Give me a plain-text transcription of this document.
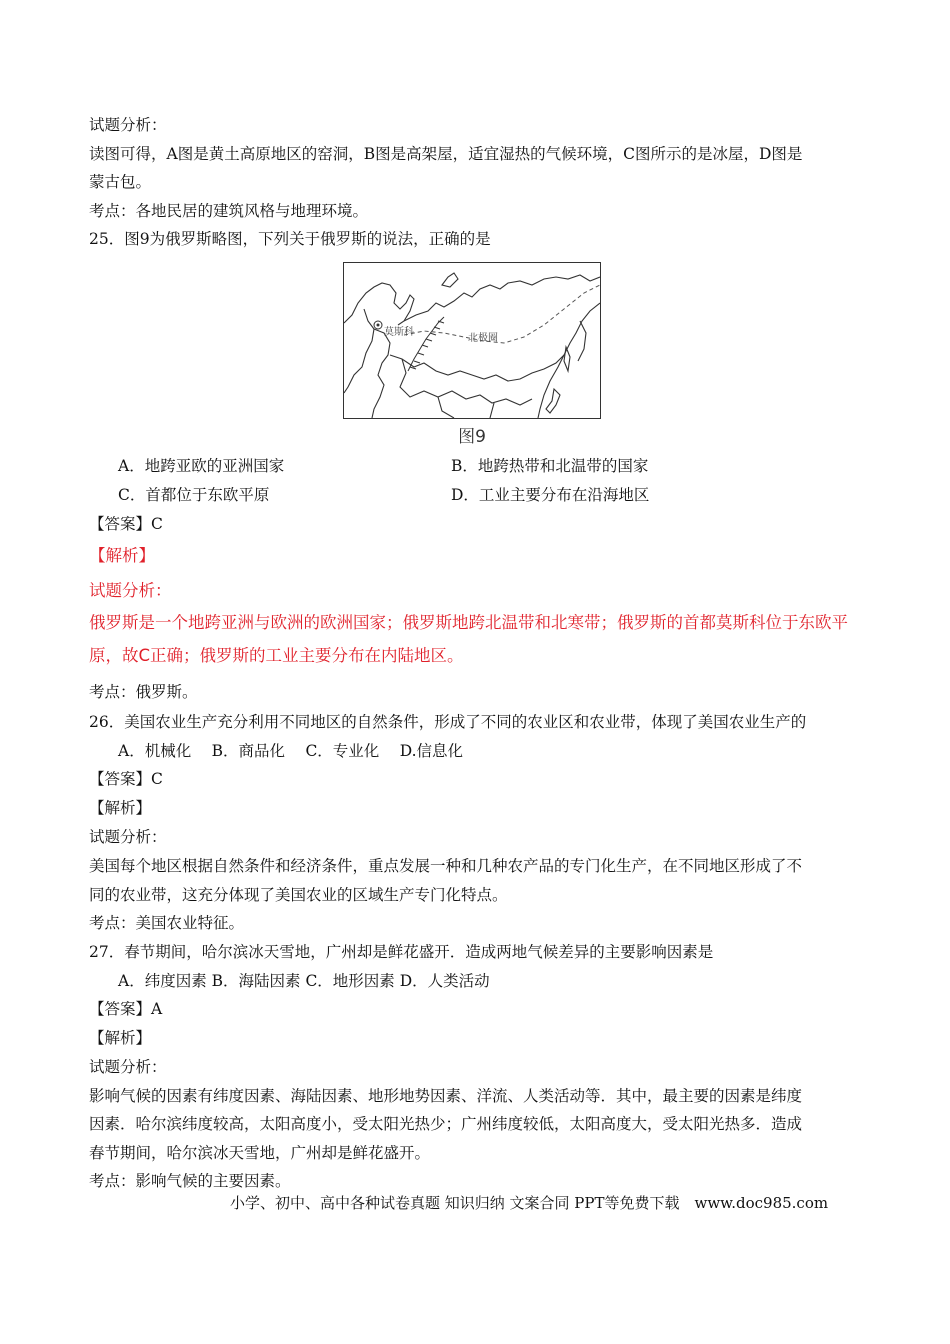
试题分析：
读图可得，A图是黄土高原地区的窑洞，B图是高架屋，适宜湿热的气候环境，C图所示的是冰屋，D图是
蒙古包。
考点：各地民居的建筑风格与地理环境。
25．图9为俄罗斯略图，下列关于俄罗斯的说法，正确的是
莫斯科
北极圈
图9
A．地跨亚欧的亚洲国家	B．地跨热带和北温带的国家
C．首都位于东欧平原	D．工业主要分布在沿海地区
【答案】C
【解析】
试题分析：
俄罗斯是一个地跨亚洲与欧洲的欧洲国家；俄罗斯地跨北温带和北寒带；俄罗斯的首都莫斯科位于东欧平
原，故C正确；俄罗斯的工业主要分布在内陆地区。
考点：俄罗斯。
26．美国农业生产充分利用不同地区的自然条件，形成了不同的农业区和农业带，体现了美国农业生产的
A．机械化　 B．商品化　 C．专业化　 D.信息化
【答案】C
【解析】
试题分析：
美国每个地区根据自然条件和经济条件，重点发展一种和几种农产品的专门化生产，在不同地区形成了不
同的农业带，这充分体现了美国农业的区域生产专门化特点。
考点：美国农业特征。
27．春节期间，哈尔滨冰天雪地，广州却是鲜花盛开．造成两地气候差异的主要影响因素是
A．纬度因素 B．海陆因素 C．地形因素 D．人类活动
【答案】A
【解析】
试题分析：
影响气候的因素有纬度因素、海陆因素、地形地势因素、洋流、人类活动等．其中，最主要的因素是纬度
因素．哈尔滨纬度较高，太阳高度小，受太阳光热少；广州纬度较低，太阳高度大，受太阳光热多．造成
春节期间，哈尔滨冰天雪地，广州却是鲜花盛开。
考点：影响气候的主要因素。
小学、初中、高中各种试卷真题 知识归纳 文案合同 PPT等免费下载　www.doc985.com
